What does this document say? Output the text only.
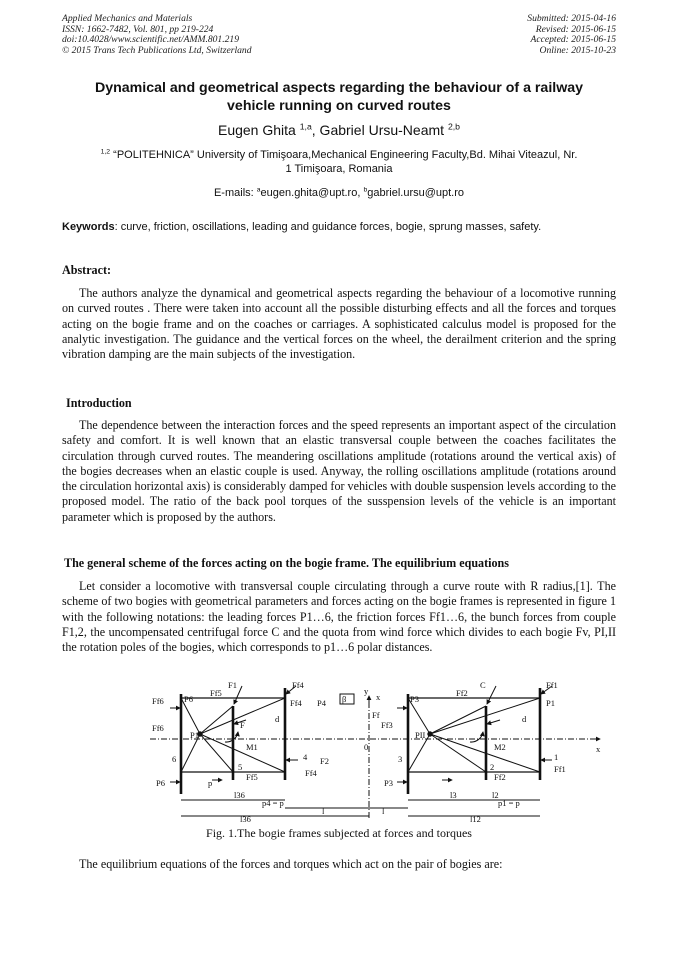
Applied Mechanics and Materials
ISSN: 1662-7482, Vol. 801, pp 219-224
doi:10.4028/www.scientific.net/AMM.801.219
© 2015 Trans Tech Publications Ltd, Switzerland
Submitted: 2015-04-16
Revised: 2015-06-15
Accepted: 2015-06-15
Online: 2015-10-23
Dynamical and geometrical aspects regarding the behaviour of a railway
vehicle running on curved routes
Eugen Ghita $^{1,a}$, Gabriel Ursu-Neamt $^{2,b}$
$^{1,2}$ “POLITEHNICA” University of Timişoara,Mechanical Engineering Faculty,Bd. Mihai Viteazul, Nr.
1 Timişoara, Romania
E-mails: $^a$eugen.ghita@upt.ro, $^b$gabriel.ursu@upt.ro
Keywords: curve, friction, oscillations, leading and guidance forces, bogie, sprung masses, safety.
Abstract:
The authors analyze the dynamical and geometrical aspects regarding the behaviour of a locomotive running on curved routes . There were taken into account all the possible disturbing effects and all the forces and torques acting on the bogie frame and on the coaches or carriages. A sophisticated calculus model is proposed for the analytic investigation. The guidance and the vertical forces on the wheel, the derailment criterion and the spring vibration damping are the main subjects of the investigation.
Introduction
The dependence between the interaction forces and the speed represents an important aspect of the circulation safety and comfort. It is well known that an elastic transversal couple between the coaches facilitates the circulation through curved routes. The meandering oscillations amplitude (rotations around the vertical axis) of the bogies decreases when an elastic couple is used. Anyway, the rolling oscillations amplitude (rotations around the circulation horizontal axis) is considerably damped for vehicles with double suspension levels according to the proposed model. The ratio of the back pool torques of the susspension levels of the vehicle is an important parameter which is proposed by the authors.
The general scheme of the forces acting on the bogie frame. The equilibrium equations
Let consider a locomotive with transversal couple circulating through a curve route with R radius,[1]. The scheme of two bogies with geometrical parameters and forces acting on the bogie frames is represented in figure 1 with the following notations: the leading forces P1…6, the friction forces Ff1…6, the bunch forces from couple F1,2, the uncompensated centrifugal force C and the quota from wind force which divides to each bogie Fv, PI,II the rotation poles of the bogies, which corresponds to p1…6 polar distances.
Ff6 P6
Ff6
P1
6
P6
Ff5
F1
F
M1
5
Ff5
Ff4
d
Ff4 P4
4 F2
Ff4
p
l36
p4 = p
l
y
β
Ff
0
x
x
P3
Ff3
PII
3
P3
Ff2
C
M2
2
Ff2
Ff1
P1
1
Ff1
d
l3	l2
p1 = p
l
l12
l36
Fig. 1.The bogie frames subjected at forces and torques
The equilibrium equations of the forces and torques which act on the pair of bogies are:
